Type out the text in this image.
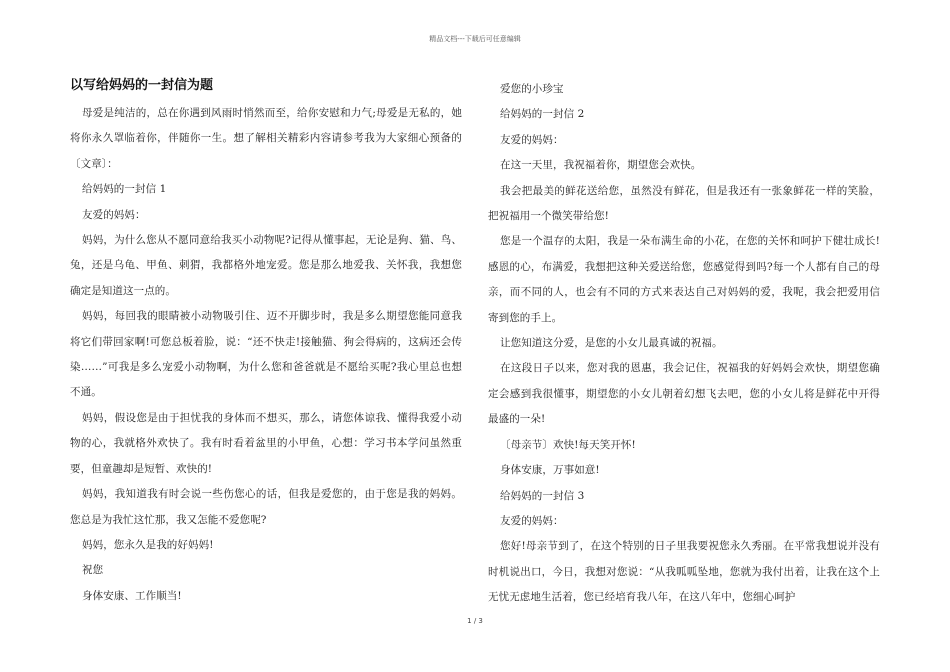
精品文档---下载后可任意编辑
以写给妈妈的一封信为题

母爱是纯洁的，总在你遇到风雨时悄然而至，给你安慰和力气;母爱是无私的，她将你永久罩临着你，伴随你一生。想了解相关精彩内容请参考我为大家细心预备的〔文章〕：

给妈妈的一封信 1

友爱的妈妈：

妈妈，为什么您从不愿同意给我买小动物呢?记得从懂事起，无论是狗、猫、鸟、兔，还是乌龟、甲鱼、刺猬，我都格外地宠爱。您是那么地爱我、关怀我，我想您确定是知道这一点的。

妈妈，每回我的眼睛被小动物吸引住、迈不开脚步时，我是多么期望您能同意我将它们带回家啊!可您总板着脸，说：“还不快走!接触猫、狗会得病的，这病还会传染……”可我是多么宠爱小动物啊，为什么您和爸爸就是不愿给买呢?我心里总也想不通。

妈妈，假设您是由于担忧我的身体而不想买，那么，请您体谅我、懂得我爱小动物的心，我就格外欢快了。我有时看着盆里的小甲鱼，心想：学习书本学问虽然重要，但童趣却是短暂、欢快的!

妈妈，我知道我有时会说一些伤您心的话，但我是爱您的，由于您是我的妈妈。您总是为我忙这忙那，我又怎能不爱您呢?

妈妈，您永久是我的好妈妈!

祝您

身体安康、工作顺当!

爱您的小珍宝

给妈妈的一封信 2

友爱的妈妈：

在这一天里，我祝福着你，期望您会欢快。

我会把最美的鲜花送给您，虽然没有鲜花，但是我还有一张象鲜花一样的笑脸，把祝福用一个微笑带给您!

您是一个温存的太阳，我是一朵布满生命的小花，在您的关怀和呵护下健壮成长!感恩的心，布满爱，我想把这种关爱送给您，您感觉得到吗?每一个人都有自己的母亲，而不同的人，也会有不同的方式来表达自己对妈妈的爱，我呢，我会把爱用信寄到您的手上。

让您知道这分爱，是您的小女儿最真诚的祝福。

在这段日子以来，您对我的恩惠，我会记住，祝福我的好妈妈会欢快，期望您确定会感到我很懂事，期望您的小女儿朝着幻想飞去吧，您的小女儿将是鲜花中开得最盛的一朵!

〔母亲节〕欢快!每天笑开怀!

身体安康，万事如意!

给妈妈的一封信 3

友爱的妈妈：

您好!母亲节到了，在这个特别的日子里我要祝您永久秀丽。在平常我想说并没有时机说出口，今日，我想对您说：“从我呱呱坠地，您就为我付出着，让我在这个上无忧无虑地生活着，您已经培育我八年，在这八年中，您细心呵护

1 / 3
